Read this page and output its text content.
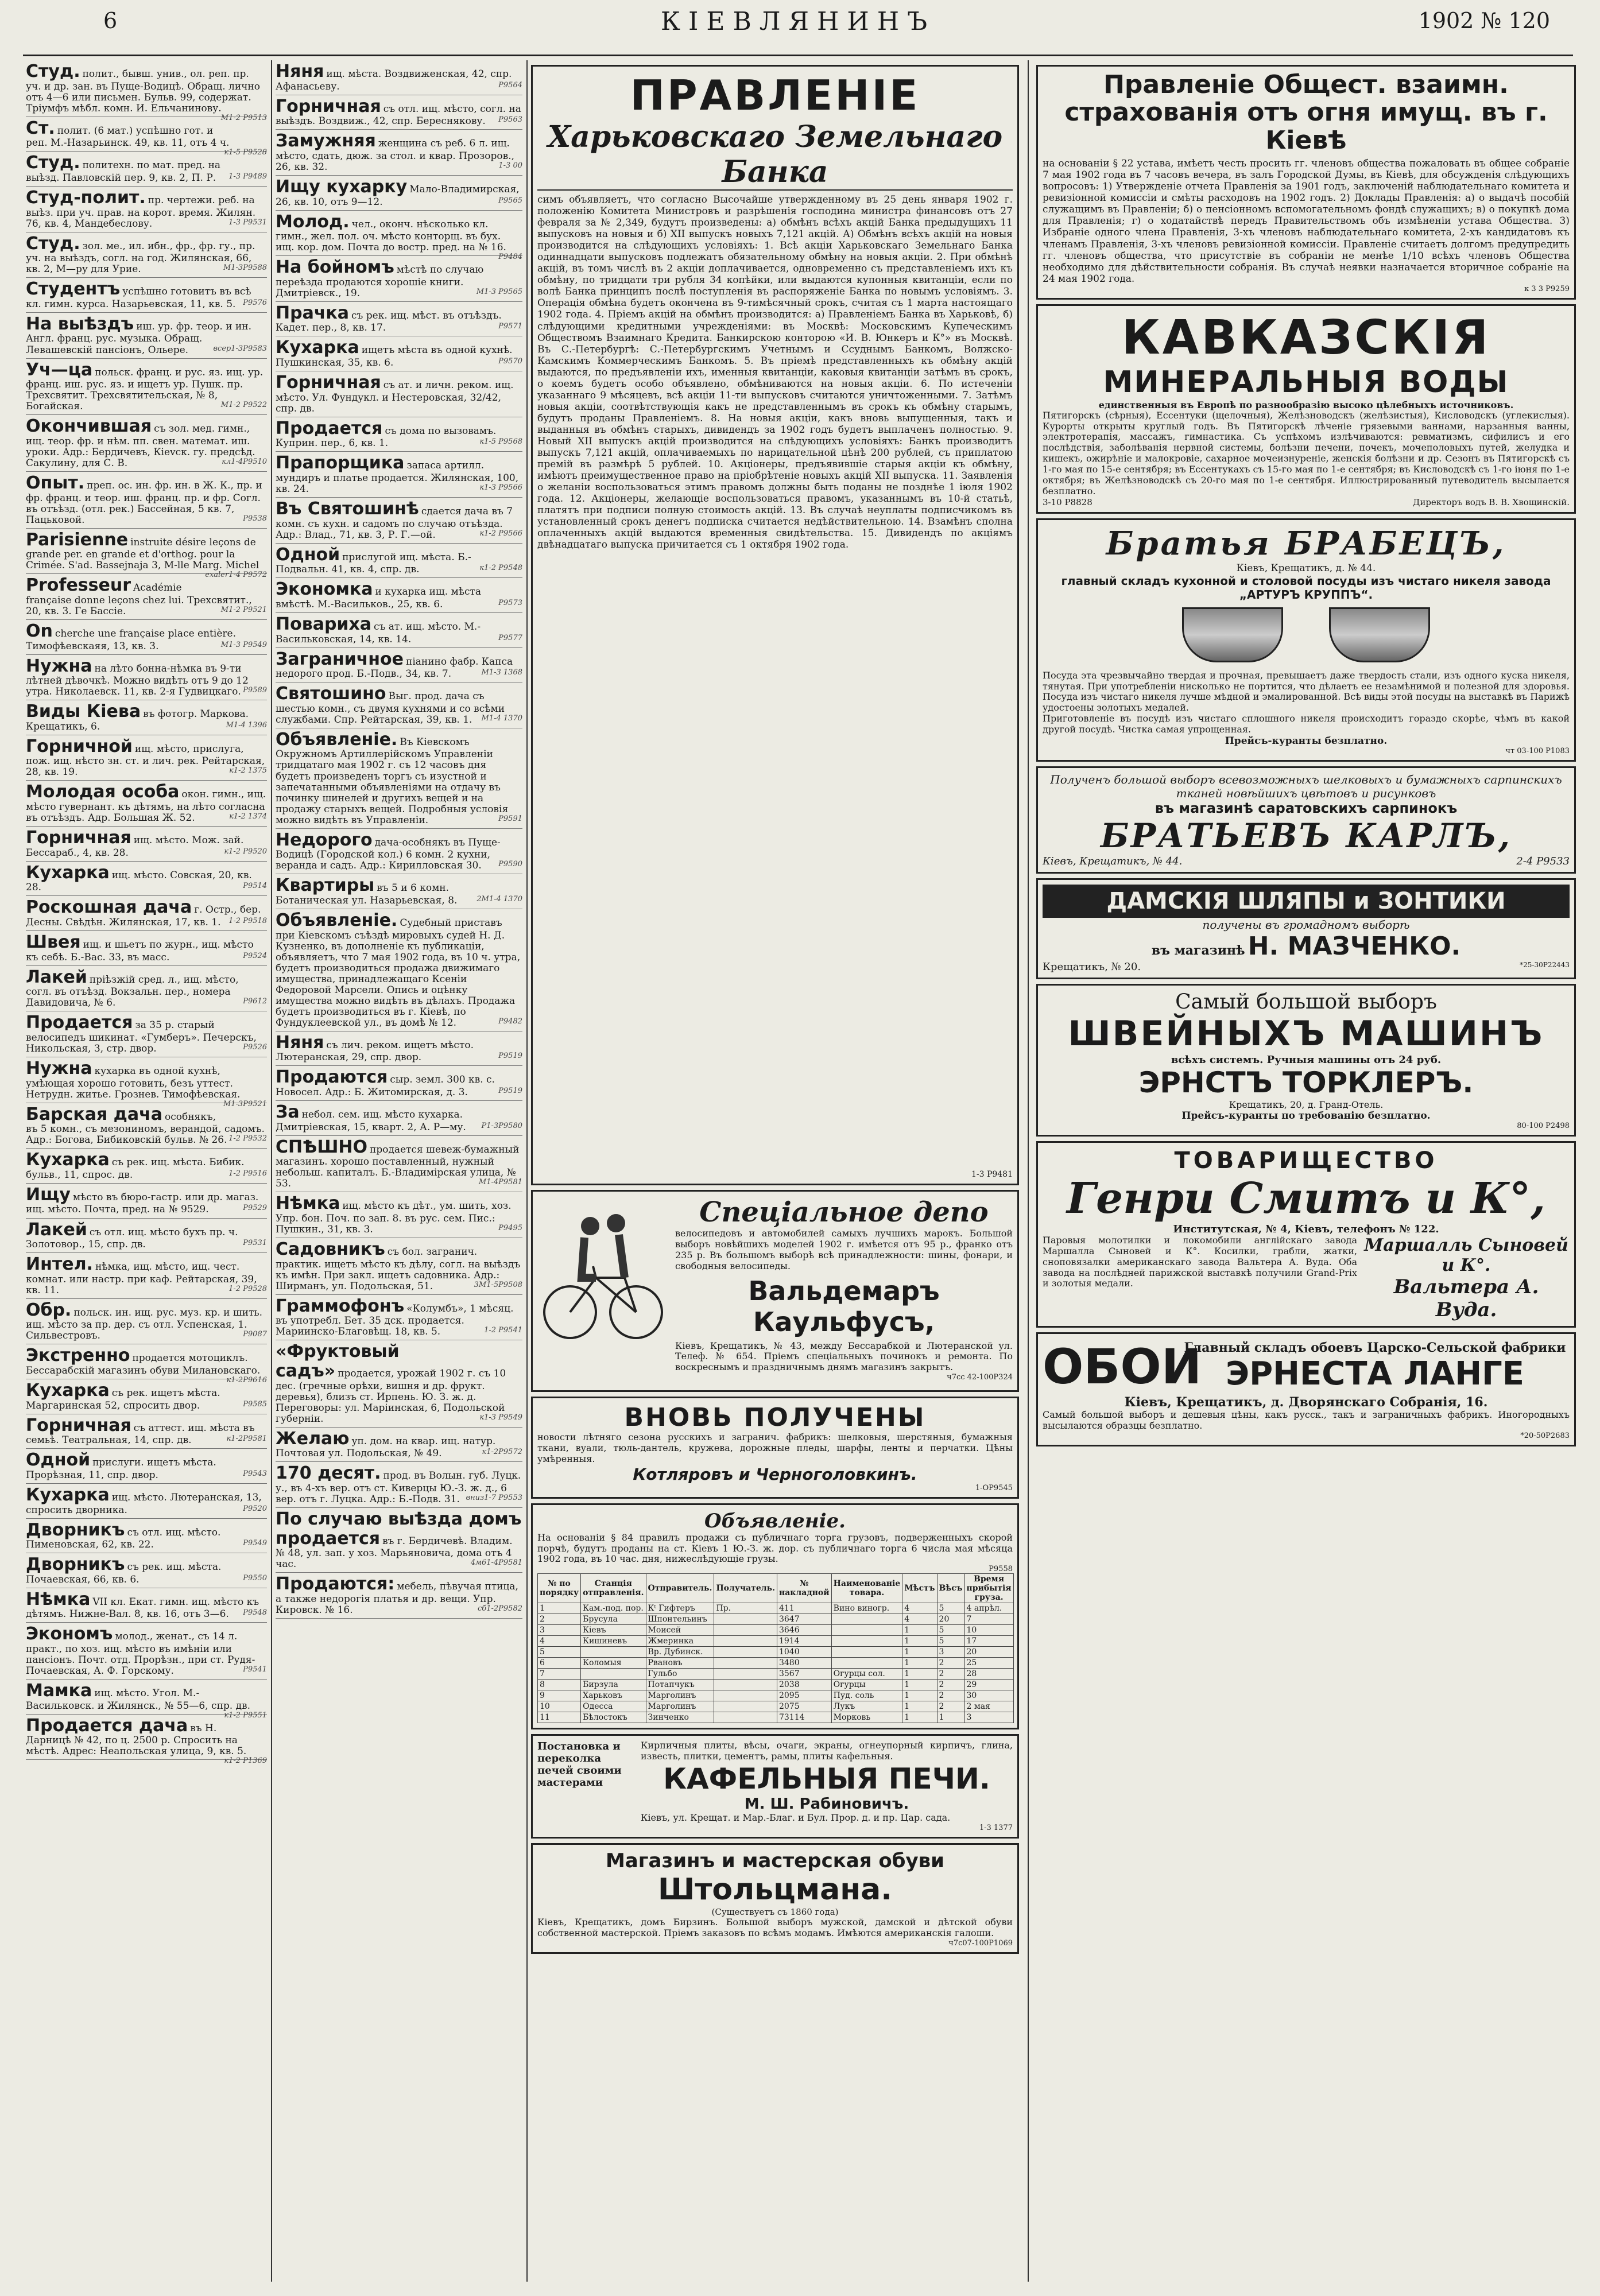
6	КІЕВЛЯНИНЪ	1902 № 120
Студ. полит., бывш. унив., ол. реп. пр. уч. и др. зан. въ Пуще-Водицѣ. Обращ. лично отъ 4—6 или письмен. Бульв. 99, содержат. Тріумфъ мѣбл. комн. И. Ельчанинову.
М1-2 Р9513
Ст. полит. (6 мат.) успѣшно гот. и реп. М.-Назарьинск. 49, кв. 11, отъ 4 ч.
к1-5 Р9528
Студ. политехн. по мат. пред. на выѣзд. Павловскій пер. 9, кв. 2, П. Р. 1-3 Р9489
Студ-полит. пр. чертежи. реб. на выѣз. при уч. прав. на корот. время. Жилян. 76, кв. 4, Мандебеслову.	1-3 Р9531
Студ. зол. ме., ил. ибн., фр., фр. гу., пр. уч. на выѣздъ, согл. на год. Жилянская, 66, кв. 2, М—ру для Урие.	М1-3Р9588
Студентъ успѣшно готовитъ въ всѣ кл. гимн. курса. Назарьевская, 11, кв. 5. Р9576
На выѣздъ иш. ур. фр. теор. и ин. Англ. франц. рус. музыка. Обращ. Левашевскій пансіонъ, Ольере.	всер1-3Р9583
Уч—ца польск. франц. и рус. яз. ищ. ур. франц. иш. рус. яз. и ищетъ ур. Пушк. пр. Трехсвятит. Трехсвятительская, № 8, Богайская.	М1-2 Р9522
Окончившая съ зол. мед. гимн., ищ. теор. фр. и нѣм. пп. свен. математ. иш. уроки. Адр.: Бердичевъ, Кievск. гу. предсѣд. Сакулину, для С. В.	кл1-4Р9510
Опыт. преп. ос. ин. фр. ин. в Ж. К., пр. и фр. франц. и теор. иш. франц. пр. и фр. Согл. въ отъѣзд. (отл. рек.) Бассейная, 5 кв. 7, Пацьковой.	Р9538
Parisienne instruite désire leçons de grande per. en grande et d'orthog. pour la Crimée. S'ad. Bassejnaja 3, М-lle Marg. Michel
exaler1-4 Р9572
Professeur Académie française donne leçons chez lui. Трехсвятит., 20, кв. 3. Ге Басcie.	М1-2 Р9521
On cherche une française place entière. Тимофѣевскаяя, 13, кв. 3.	М1-3 Р9549
Нужна на лѣто бонна-нѣмка въ 9-ти лѣтней дѣвочкѣ. Можно видѣть отъ 9 до 12 утра. Николаевск. 11, кв. 2-я Гудвицкаго. Р9589
Виды Кіева въ фотогр. Маркова. Крещатикъ, 6.	М1-4 1396
Горничной ищ. мѣсто, прислуга, пож. ищ. нѣсто зн. ст. и лич. рек. Рейтарская, 28, кв. 19.	к1-2 1375
Молодая особа окон. гимн., ищ. мѣсто гувернант. къ дѣтямъ, на лѣто согласна въ отъѣздъ. Адр. Большая Ж. 52.	к1-2 1374
Горничная ищ. мѣсто. Мож. зай. Бессараб., 4, кв. 28.	к1-2 Р9520
Кухарка ищ. мѣсто. Совская, 20, кв. 28.	Р9514
Роскошная дача г. Остр., бер. Десны. Свѣдѣн. Жилянская, 17, кв. 1. 1-2 Р9518
Швея ищ. и шьетъ по журн., ищ. мѣсто къ себѣ. Б.-Вас. 33, въ масс.	Р9524
Лакей пріѣзжій сред. л., ищ. мѣсто, согл. въ отъѣзд. Вокзальн. пер., номера Давидовича, № 6.	Р9612
Продается за 35 р. старый велосипедъ шикинат. «Гумберъ». Печерскъ, Никольская, 3, стр. двор.	Р9526
Нужна кухарка въ одной кухнѣ, умѣющая хорошо готовить, безъ уттест. Нетрудн. житье. Грознев. Тимофѣевская.
М1-3Р9521
Барская дача особнякъ, въ 5 комн., съ мезониномъ, верандой, садомъ. Адр.: Богова, Бибиковскій бульв. № 26. 1-2 Р9532
Кухарка съ рек. ищ. мѣста. Бибик. бульв., 11, спрос. дв.	1-2 Р9516
Ищу мѣсто въ бюро-гастр. или др. магаз. ищ. мѣсто. Почта, пред. на № 9529.	Р9529
Лакей съ отл. ищ. мѣсто бухъ пр. ч. Золотовор., 15, спр. дв.	Р9531
Интел. нѣмка, ищ. мѣсто, ищ. чест. комнат. или настр. при каф. Рейтарская, 39, кв. 11.	1-2 Р9528
Обр. польск. ин. ищ. рус. муз. кр. и шить. ищ. мѣсто за пр. дер. съ отл. Успенская, 1. Сильвестровъ.	Р9087
Экстренно продается мотоциклъ. Бессарабскій магазинъ обуви Милановскаго.
к1-2Р9616
Кухарка съ рек. ищетъ мѣста. Маргаринская 52, спросить двор.	Р9585
Горничная съ аттест. ищ. мѣста въ семьѣ. Театральная, 14, спр. дв.	к1-2Р9581
Одной прислуги. ищетъ мѣста. Прорѣзная, 11, спр. двор.	Р9543
Кухарка ищ. мѣсто. Лютеранская, 13, спросить дворника.	Р9520
Дворникъ съ отл. ищ. мѣсто. Пименовская, 62, кв. 22.	Р9549
Дворникъ съ рек. ищ. мѣста. Почаевская, 66, кв. 6.	Р9550
Нѣмка VII кл. Екат. гимн. ищ. мѣсто къ дѣтямъ. Нижне-Вал. 8, кв. 16, отъ 3—6. Р9548
Экономъ молод., женат., съ 14 л. практ., по хоз. ищ. мѣсто въ имѣніи или пансіонъ. Почт. отд. Прорѣзн., при ст. Рудя-Почаевская, А. Ф. Горскому.	Р9541
Мамка ищ. мѣсто. Угол. М.-Васильковск. и Жилянск., № 55—6, спр. дв.
к1-2 Р9551
Продается дача въ Н. Дарницѣ № 42, по ц. 2500 р. Спросить на мѣстѣ. Адрес: Неапольская улица, 9, кв. 5.
к1-2 Р1369
Няня ищ. мѣста. Воздвиженская, 42, спр. Афанасьеву.	Р9564
Горничная съ отл. ищ. мѣсто, согл. на выѣздъ. Воздвиж., 42, спр. Береснякову. Р9563
Замужняя женщина съ реб. 6 л. ищ. мѣсто, сдать, дюж. за стол. и квар. Прозоров., 26, кв. 32.	1-3 00
Ищу кухарку Мало-Владимирская, 26, кв. 10, отъ 9—12.	Р9565
Молод. чел., оконч. нѣсколько кл. гимн., жел. пол. оч. мѣсто конторщ. въ бух. ищ. кор. дом. Почта до востр. пред. на № 16.
Р9484
На бойномъ мѣстѣ по случаю переѣзда продаются хорошіе книги. Дмитріевск., 19.	М1-3 Р9565
Прачка съ рек. ищ. мѣст. въ отъѣздъ. Кадет. пер., 8, кв. 17.	Р9571
Кухарка ищетъ мѣста въ одной кухнѣ. Пушкинская, 35, кв. 6.	Р9570
Горничная съ ат. и личн. реком. ищ. мѣсто. Ул. Фундукл. и Нестеровская, 32/42, спр. дв.
Продается съ дома по вызовамъ. Куприн. пер., 6, кв. 1.	к1-5 Р9568
Прапорщика запаса артилл. мундиръ и платье продается. Жилянская, 100, кв. 24.	к1-3 Р9566
Въ Святошинѣ сдается дача въ 7 комн. съ кухн. и садомъ по случаю отъѣзда. Адр.: Влад., 71, кв. 3, Р. Г.—ой.	к1-2 Р9566
Одной прислугой ищ. мѣста. Б.-Подвальн. 41, кв. 4, спр. дв.	к1-2 Р9548
Экономка и кухарка ищ. мѣста вмѣстѣ. М.-Васильков., 25, кв. 6.	Р9573
Поварихa съ ат. ищ. мѣсто. М.-Васильковская, 14, кв. 14.	Р9577
Заграничное піанино фабр. Капса недорого прод. Б.-Подв., 34, кв. 7.	М1-3 1368
Святошино Выг. прод. дача съ шестью комн., съ двумя кухнями и со всѣми службами. Спр. Рейтарская, 39, кв. 1. М1-4 1370
Объявленіе. Въ Кіевскомъ Окружномъ Артиллерійскомъ Управленіи тридцатаго мая 1902 г. съ 12 часовъ дня будетъ произведенъ торгъ съ изустной и запечатанными объявленіями на отдачу въ починку шинелей и другихъ вещей и на продажу старыхъ вещей. Подробныя условія можно видѣть въ Управленіи.	Р9591
Недорого дача-особнякъ въ Пуще-Водицѣ (Городской кол.) 6 комн. 2 кухни, веранда и садъ. Адр.: Кирилловская 30. Р9590
Квартиры въ 5 и 6 комн. Ботаническая ул. Назарьевская, 8.	2М1-4 1370
Объявленіе. Судебный приставъ при Кіевскомъ съѣздѣ мировыхъ судей Н. Д. Кузненко, въ дополненіе къ публикаціи, объявляетъ, что 7 мая 1902 года, въ 10 ч. утра, будетъ производиться продажа движимаго имущества, принадлежащаго Ксеніи Федоровой Марсели. Опись и оцѣнку имущества можно видѣть въ дѣлахъ. Продажа будетъ производиться въ г. Кіевѣ, по Фундуклеевской ул., въ домѣ № 12.	Р9482
Няня съ лич. реком. ищетъ мѣсто. Лютеранская, 29, спр. двор.	Р9519
Продаются сыр. земл. 300 кв. с. Новосел. Адр.: Б. Житомирская, д. 3.	Р9519
За небол. сем. ищ. мѣсто кухарка. Дмитріевская, 15, кварт. 2, А. Р—му. Р1-3Р9580
СПѢШНО продается шевеж-бумажный магазинъ. хорошо поставленный, нужный небольш. капиталъ. Б.-Владимірская улица, № 53.	М1-4Р9581
Нѣмка ищ. мѣсто къ дѣт., ум. шить, хоз. Упр. бон. Поч. по зап. 8. въ рус. сем. Пис.: Пушкин., 31, кв. 3.	Р9495
Садовникъ съ бол. загранич. практик. ищетъ мѣсто къ дѣлу, согл. на выѣздъ къ имѣн. При закл. ищетъ садовника. Адр.: Ширманъ, ул. Подольская, 51.	3М1-5Р9508
Граммофонъ «Колумбъ», 1 мѣсяц. въ употребл. Бет. 35 дск. продается. Мариинско-Благовѣщ. 18, кв. 5.	1-2 Р9541
«Фруктовый садъ» продается, урожай 1902 г. съ 10 дес. (гречные орѣхи, вишня и др. фрукт. деревья), близъ ст. Ирпень. Ю. З. ж. д. Переговоры: ул. Маріинская, 6, Подольской губерніи.	к1-3 Р9549
Желаю уп. дом. на квар. ищ. натур. Почтовая ул. Подольская, № 49.	к1-2Р9572
170 десят. прод. въ Волын. губ. Луцк. у., въ 4-хъ вер. отъ ст. Киверцы Ю.-З. ж. д., 6 вер. отъ г. Луцка. Адр.: Б.-Подв. 31. вниз1-7 Р9553
По случаю выѣзда домъ продается въ г. Бердичевѣ. Владим. № 48, ул. зап. у хоз. Марьяновича, дома отъ 4 час.	4м61-4Р9581
Продаются: мебель, пѣвучая птица, а также недорогія платья и др. вещи. Упр. Кировск. № 16.	сб1-2Р9582
ПРАВЛЕНІЕ
Харьковскаго Земельнаго Банка
симъ объявляетъ, что согласно Высочайше утвержденному въ 25 день января 1902 г. положенію Комитета Министровъ и разрѣшенія господина министра финансовъ отъ 27 февраля за № 2,349, будутъ произведены: а) обмѣнъ всѣхъ акцій Банка предыдущихъ 11 выпусковъ на новыя и б) XII выпускъ новыхъ 7,121 акцій. А) Обмѣнъ всѣхъ акцій на новыя производится на слѣдующихъ условіяхъ: 1. Всѣ акціи Харьковскаго Земельнаго Банка одиннадцати выпусковъ подлежатъ обязательному обмѣну на новыя акціи. 2. При обмѣнѣ акцій, въ томъ числѣ въ 2 акціи доплачивается, одновременно съ представленіемъ ихъ къ обмѣну, по тридцати три рубля 34 копѣйки, или выдаются купонныя квитанціи, если по волѣ Банка принципъ послѣ поступленія въ распоряженіе Банка по новымъ условіямъ. 3. Операція обмѣна будетъ окончена въ 9-тимѣсячный срокъ, считая съ 1 марта настоящаго 1902 года. 4. Пріемъ акцій на обмѣнъ производится: а) Правленіемъ Банка въ Харьковѣ, б) слѣдующими кредитными учрежденіями: въ Москвѣ: Московскимъ Купеческимъ Обществомъ Взаимнаго Кредита. Банкирскою конторою «И. В. Юнкеръ и К°» въ Москвѣ. Въ С.-Петербургѣ: С.-Петербургскимъ Учетнымъ и Ссуднымъ Банкомъ, Волжско-Камскимъ Коммерческимъ Банкомъ. 5. Въ пріемѣ представленныхъ къ обмѣну акцій выдаются, по предъявленіи ихъ, именныя квитанціи, каковыя квитанціи затѣмъ въ срокъ, о коемъ будетъ особо объявлено, обмѣниваются на новыя акціи. 6. По истеченіи указаннаго 9 мѣсяцевъ, всѣ акціи 11-ти выпусковъ считаются уничтоженными. 7. Затѣмъ новыя акціи, соотвѣтствующія какъ не представленнымъ въ срокъ къ обмѣну старымъ, будутъ проданы Правленіемъ. 8. На новыя акціи, какъ вновь выпущенныя, такъ и выданныя въ обмѣнъ старыхъ, дивидендъ за 1902 годъ будетъ выплаченъ полностью. 9. Новый XII выпускъ акцій производится на слѣдующихъ условіяхъ: Банкъ производитъ выпускъ 7,121 акцій, оплачиваемыхъ по нарицательной цѣнѣ 200 рублей, съ приплатою премій въ размѣрѣ 5 рублей. 10. Акціонеры, предъявившіе старыя акціи къ обмѣну, имѣютъ преимущественное право на пріобрѣтеніе новыхъ акцій XII выпуска. 11. Заявленія о желаніи воспользоваться этимъ правомъ должны быть поданы не позднѣе 1 іюля 1902 года. 12. Акціонеры, желающіе воспользоваться правомъ, указаннымъ въ 10-й статьѣ, платятъ при подписи полную стоимость акцій. 13. Въ случаѣ неуплаты подписчикомъ въ установленный срокъ денегъ подписка считается недѣйствительною. 14. Взамѣнъ сполна оплаченныхъ акцій выдаются временныя свидѣтельства. 15. Дивидендъ по акціямъ двѣнадцатаго выпуска причитается съ 1 октября 1902 года.
1-3 Р9481
Спеціальное депо
велосипедовъ и автомобилей самыхъ лучшихъ марокъ. Большой выборъ новѣйшихъ моделей 1902 г. имѣется отъ 95 р., франко отъ 235 р. Въ большомъ выборѣ всѣ принадлежности: шины, фонари, и свободныя велосипеды.
Вальдемаръ Каульфусъ,
Кіевъ, Крещатикъ, № 43, между Бессарабкой и Лютеранской ул. Телеф. № 654. Пріемъ спеціальныхъ починокъ и ремонта. По воскреснымъ и праздничнымъ днямъ магазинъ закрытъ.
ч7сс 42-100Р324
ВНОВЬ ПОЛУЧЕНЫ
новости лѣтняго сезона русскихъ и загранич. фабрикъ: шелковыя, шерстяныя, бумажныя ткани, вуали, тюль-дантель, кружева, дорожные пледы, шарфы, ленты и перчатки. Цѣны умѣренныя.
Котляровъ и Черноголовкинъ.
1-ОР9545
Объявленіе.
На основаніи § 84 правилъ продажи съ публичнаго торга грузовъ, подверженныхъ скорой порчѣ, будутъ проданы на ст. Кіевъ 1 Ю.-З. ж. дор. съ публичнаго торга 6 числа мая мѣсяца 1902 года, въ 10 час. дня, нижеслѣдующіе грузы.
Р9558
№ по порядку	Станція отправленія.	Отправитель.	Получатель.	№ накладной	Наименованіе товара.	Мѣстъ	Вѣсъ	Время прибытія груза.
1	Кам.-под. пор.	Кᵗ Гифтеръ	Пр.	411	Вино виногр.	4	5	4 апрѣл.
2	Брусула	Шпонтельинъ		3647		4	20	7
3	Кіевъ	Моисей		3646		1	5	10
4	Кишиневъ	Жмеринка		1914		1	5	17
5		Вр. Дубинск.		1040		1	3	20
6	Коломыя	Рвановъ		3480		1	2	25
7		Гульбо		3567	Огурцы сол.	1	2	28
8	Бирзула	Потапчукъ		2038	Огурцы	1	2	29
9	Харьковъ	Марголинъ		2095	Пуд. соль	1	2	30
10	Одесса	Марголинъ		2075	Лукъ	1	2	2 мая
11	Бѣлостокъ	Зинченко		73114	Морковь	1	1	3
Постановка и переколка печей своими мастерами
Кирпичныя плиты, вѣсы, очаги, экраны, огнеупорный кирпичъ, глина, известь, плитки, цементъ, рамы, плиты кафельныя.
КАФЕЛЬНЫЯ ПЕЧИ.
М. Ш. Рабиновичъ.
Кіевъ, ул. Крещат. и Мар.-Благ. и Бул. Прор. д. и пр. Цар. сада.
1-3 1377
Магазинъ и мастерская обуви
Штольцмана.
(Существуетъ съ 1860 года)
Кіевъ, Крещатикъ, домъ Бирзинъ. Большой выборъ мужской, дамской и дѣтской обуви собственной мастерской. Пріемъ заказовъ по всѣмъ модамъ. Имѣются американскія галоши.
ч7с07-100Р1069
Правленіе Общест. взаимн. страхованія отъ огня имущ. въ г. Кіевѣ
на основаніи § 22 устава, имѣетъ честь просить гг. членовъ общества пожаловать въ общее собраніе 7 мая 1902 года въ 7 часовъ вечера, въ залъ Городской Думы, въ Кіевѣ, для обсужденія слѣдующихъ вопросовъ: 1) Утвержденіе отчета Правленія за 1901 годъ, заключеній наблюдательнаго комитета и ревизіонной комиссіи и смѣты расходовъ на 1902 годъ. 2) Доклады Правленія: а) о выдачѣ пособій служащимъ въ Правленіи; б) о пенсіонномъ вспомогательномъ фондѣ служащихъ; в) о покупкѣ дома для Правленія; г) о ходатайствѣ передъ Правительствомъ объ измѣненіи устава Общества. 3) Избраніе одного члена Правленія, 3-хъ членовъ наблюдательнаго комитета, 2-хъ кандидатовъ къ членамъ Правленія, 3-хъ членовъ ревизіонной комиссіи. Правленіе считаетъ долгомъ предупредить гг. членовъ общества, что присутствіе въ собраніи не менѣе 1/10 всѣхъ членовъ Общества необходимо для дѣйствительности собранія. Въ случаѣ неявки назначается вторичное собраніе на 24 мая 1902 года.
к 3 3 Р9259
КАВКАЗСКІЯ
МИНЕРАЛЬНЫЯ ВОДЫ
единственныя въ Европѣ по разнообразію высоко цѣлебныхъ источниковъ.
Пятигорскъ (сѣрныя), Ессентуки (щелочныя), Желѣзноводскъ (желѣзистыя), Кисловодскъ (углекислыя). Курорты открыты круглый годъ. Въ Пятигорскѣ лѣченіе грязевыми ваннами, нарзанныя ванны, электротерапія, массажъ, гимнастика. Съ успѣхомъ излѣчиваются: ревматизмъ, сифилисъ и его послѣдствія, заболѣванія нервной системы, болѣзни печени, почекъ, мочеполовыхъ путей, желудка и кишекъ, ожирѣніе и малокровіе, сахарное мочеизнуреніе, женскія болѣзни и др. Сезонъ въ Пятигорскѣ съ 1-го мая по 15-е сентября; въ Ессентукахъ съ 15-го мая по 1-е сентября; въ Кисловодскѣ съ 1-го іюня по 1-е октября; въ Желѣзноводскѣ съ 20-го мая по 1-е сентября. Иллюстрированный путеводитель высылается безплатно.
3-10 Р8828	Директоръ водъ В. В. Хвощинскій.
Братья БРАБЕЦЪ,
Кіевъ, Крещатикъ, д. № 44.
главный складъ кухонной и столовой посуды изъ чистаго никеля завода „АРТУРЪ КРУППЪ“.
Посуда эта чрезвычайно твердая и прочная, превышаетъ даже твердость стали, изъ одного куска никеля, тянутая. При употребленіи нисколько не портится, что дѣлаетъ ее незамѣнимой и полезной для здоровья. Посуда изъ чистаго никеля лучше мѣдной и эмалированной. Всѣ виды этой посуды на выставкѣ въ Парижѣ удостоены золотыхъ медалей.
Приготовленіе въ посудѣ изъ чистаго сплошного никеля происходитъ гораздо скорѣе, чѣмъ въ какой другой посудѣ. Чистка самая упрощенная.
Прейсъ-куранты безплатно.
чт 03-100 Р1083
Полученъ большой выборъ всевозможныхъ шелковыхъ и бумажныхъ сарпинскихъ тканей новѣйшихъ цвѣтовъ и рисунковъ
въ магазинѣ саратовскихъ сарпинокъ
БРАТЬЕВЪ КАРЛЪ,
Кіевъ, Крещатикъ, № 44.	2-4 Р9533
ДАМСКІЯ ШЛЯПЫ и ЗОНТИКИ
получены въ громадномъ выборѣ
въ магазинѣ Н. МАЗЧЕНКО.
Крещатикъ, № 20.	*25-30Р22443
Самый большой выборъ
ШВЕЙНЫХЪ МАШИНЪ
всѣхъ системъ. Ручныя машины отъ 24 руб.
ЭРНСТЪ ТОРКЛЕРЪ.
Крещатикъ, 20, д. Гранд-Отель.
Прейсъ-куранты по требованію безплатно.
80-100 Р2498
ТОВАРИЩЕСТВО
Генри Смитъ и К°,
Институтская, № 4, Кіевъ, телефонъ № 122.
Паровыя молотилки и локомобили англійскаго завода Маршалла Сыновей и К°. Косилки, грабли, жатки, сноповязалки американскаго завода Вальтера А. Вуда. Оба завода на послѣдней парижской выставкѣ получили Grand-Prix и золотыя медали.
Маршалль Сыновей и К°.
Вальтера А. Вуда.
ОБОИ
Главный складъ обоевъ Царско-Сельской фабрики
ЭРНЕСТА ЛАНГЕ
Кіевъ, Крещатикъ, д. Дворянскаго Собранія, 16.
Самый большой выборъ и дешевыя цѣны, какъ русск., такъ и заграничныхъ фабрикъ. Иногородныхъ высылаются образцы безплатно.
*20-50Р2683
